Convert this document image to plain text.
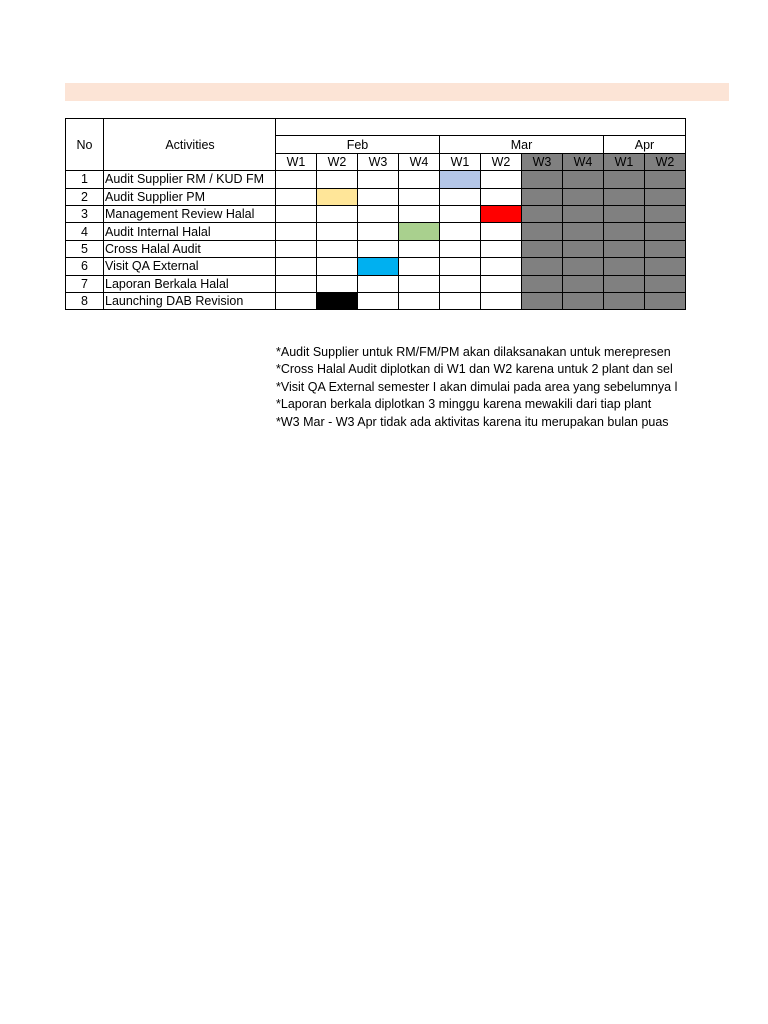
No	Activities										
		Feb				Mar				Apr	
		W1	W2	W3	W4	W1	W2	W3	W4	W1	W2
1	Audit Supplier RM / KUD FM										
2	Audit Supplier PM										
3	Management Review Halal										
4	Audit Internal Halal										
5	Cross Halal Audit										
6	Visit QA External										
7	Laporan Berkala Halal										
8	Launching DAB Revision										
*Audit Supplier untuk RM/FM/PM akan dilaksanakan untuk merepresen
*Cross Halal Audit diplotkan di W1 dan W2 karena untuk 2 plant dan sel
*Visit QA External semester I akan dimulai pada area yang sebelumnya l
*Laporan berkala diplotkan 3 minggu karena mewakili dari tiap plant
*W3 Mar - W3 Apr tidak ada aktivitas karena itu merupakan bulan puas
